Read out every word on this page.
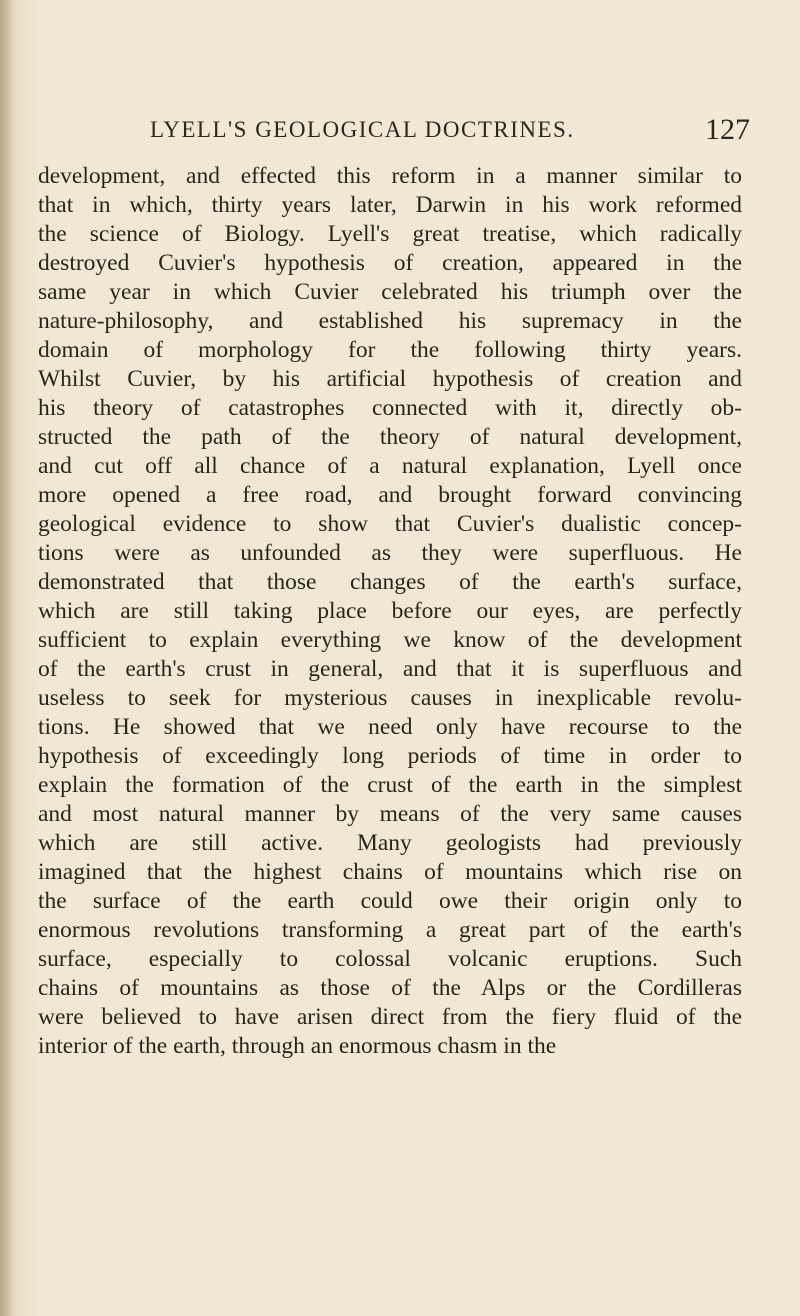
LYELL'S GEOLOGICAL DOCTRINES.	127
development, and effected this reform in a manner similar to
that in which, thirty years later, Darwin in his work reformed
the science of Biology. Lyell's great treatise, which radically
destroyed Cuvier's hypothesis of creation, appeared in the
same year in which Cuvier celebrated his triumph over the
nature-philosophy, and established his supremacy in the
domain of morphology for the following thirty years.
Whilst Cuvier, by his artificial hypothesis of creation and
his theory of catastrophes connected with it, directly ob-
structed the path of the theory of natural development,
and cut off all chance of a natural explanation, Lyell once
more opened a free road, and brought forward convincing
geological evidence to show that Cuvier's dualistic concep-
tions were as unfounded as they were superfluous. He
demonstrated that those changes of the earth's surface,
which are still taking place before our eyes, are perfectly
sufficient to explain everything we know of the development
of the earth's crust in general, and that it is superfluous and
useless to seek for mysterious causes in inexplicable revolu-
tions. He showed that we need only have recourse to the
hypothesis of exceedingly long periods of time in order to
explain the formation of the crust of the earth in the simplest
and most natural manner by means of the very same causes
which are still active. Many geologists had previously
imagined that the highest chains of mountains which rise on
the surface of the earth could owe their origin only to
enormous revolutions transforming a great part of the earth's
surface, especially to colossal volcanic eruptions. Such
chains of mountains as those of the Alps or the Cordilleras
were believed to have arisen direct from the fiery fluid of the
interior of the earth, through an enormous chasm in the
